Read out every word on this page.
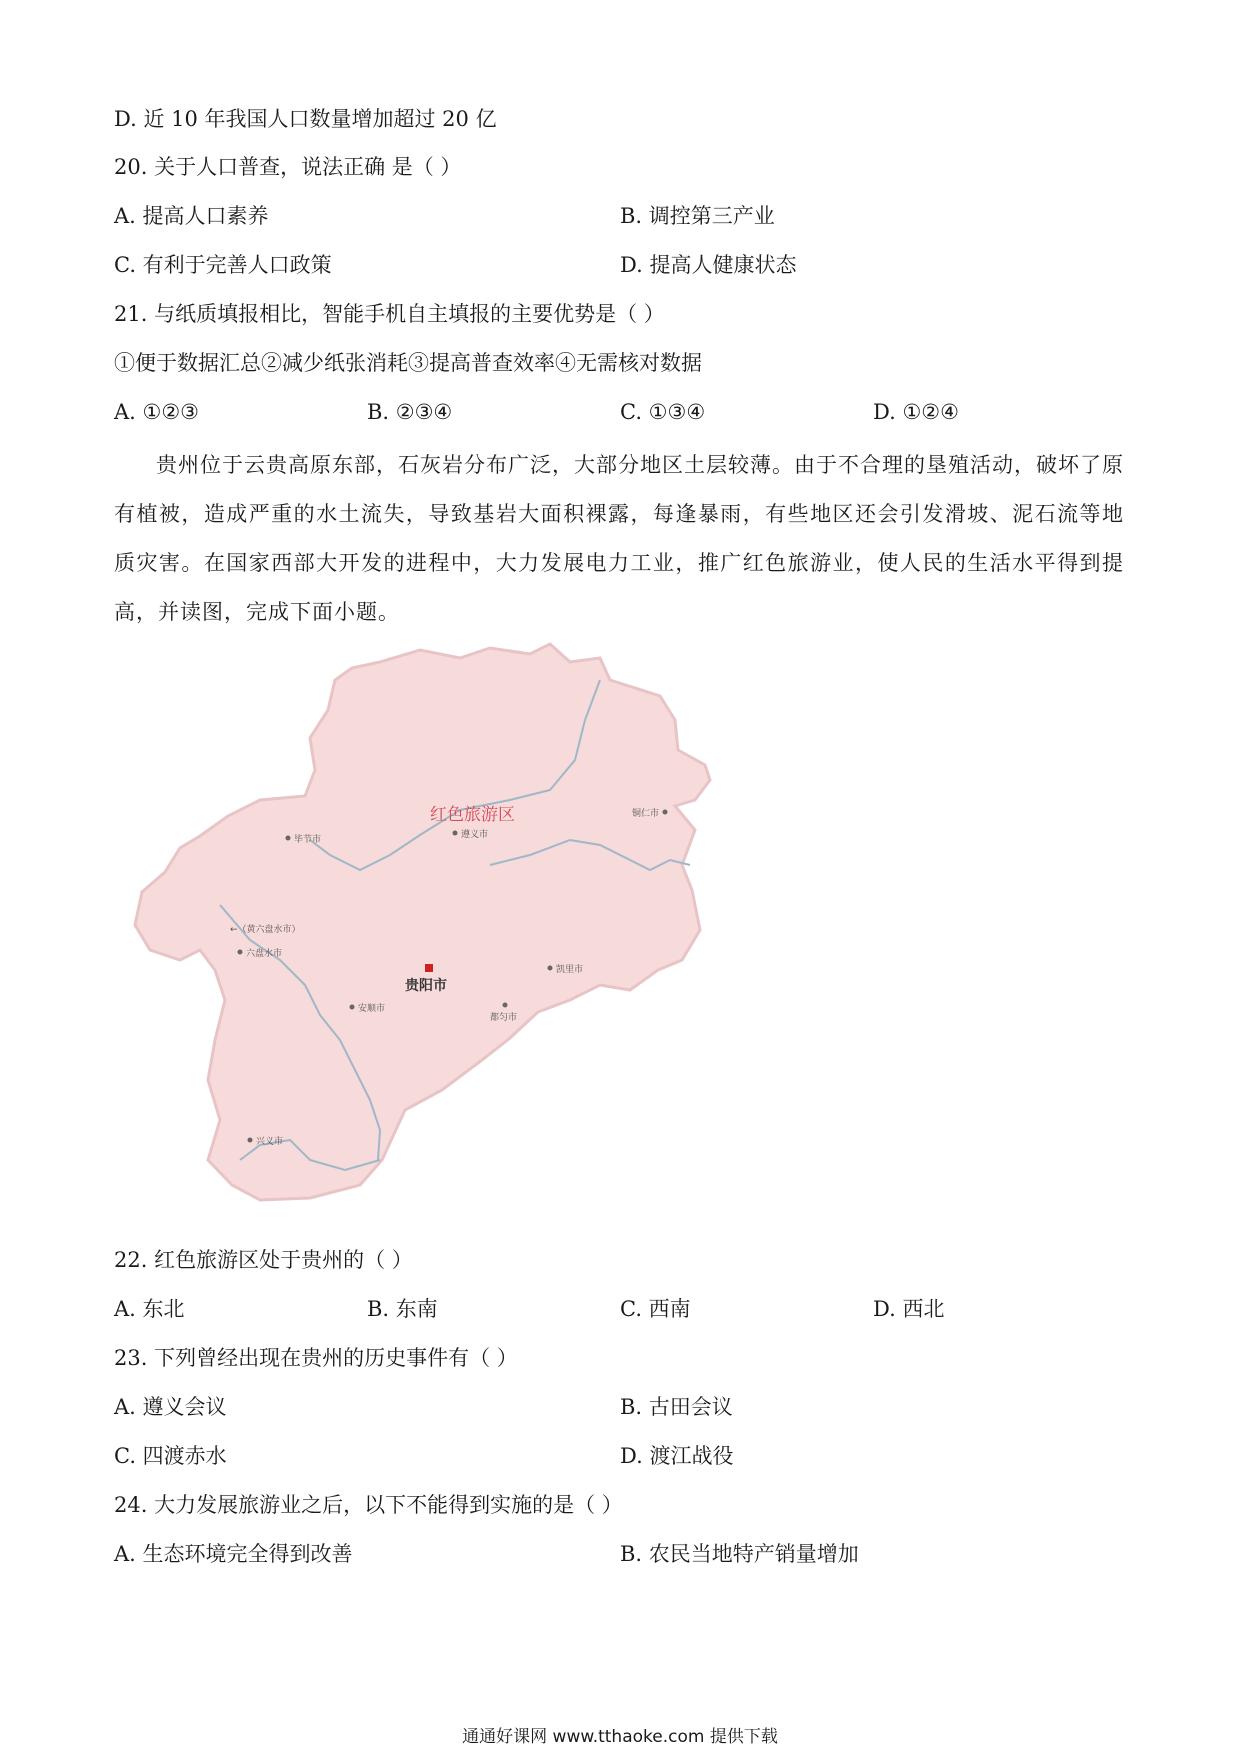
D. 近 10 年我国人口数量增加超过 20 亿
20. 关于人口普查，说法正确 是（ ）
A. 提高人口素养	B. 调控第三产业
C. 有利于完善人口政策	D. 提高人健康状态
21. 与纸质填报相比，智能手机自主填报的主要优势是（ ）
①便于数据汇总②减少纸张消耗③提高普查效率④无需核对数据
A. ①②③	B. ②③④	C. ①③④	D. ①②④
贵州位于云贵高原东部，石灰岩分布广泛，大部分地区土层较薄。由于不合理的垦殖活动，破坏了原有植被，造成严重的水土流失，导致基岩大面积裸露，每逢暴雨，有些地区还会引发滑坡、泥石流等地质灾害。在国家西部大开发的进程中，大力发展电力工业，推广红色旅游业，使人民的生活水平得到提高，并读图，完成下面小题。
红色旅游区
遵义市
铜仁市
毕节市
←（黄六盘水市）
六盘水市
贵阳市
安顺市
凯里市
都匀市
兴义市
22. 红色旅游区处于贵州的（ ）
A. 东北	B. 东南	C. 西南	D. 西北
23. 下列曾经出现在贵州的历史事件有（ ）
A. 遵义会议	B. 古田会议
C. 四渡赤水	D. 渡江战役
24. 大力发展旅游业之后，以下不能得到实施的是（ ）
A. 生态环境完全得到改善	B. 农民当地特产销量增加
通通好课网 www.tthaoke.com 提供下载
